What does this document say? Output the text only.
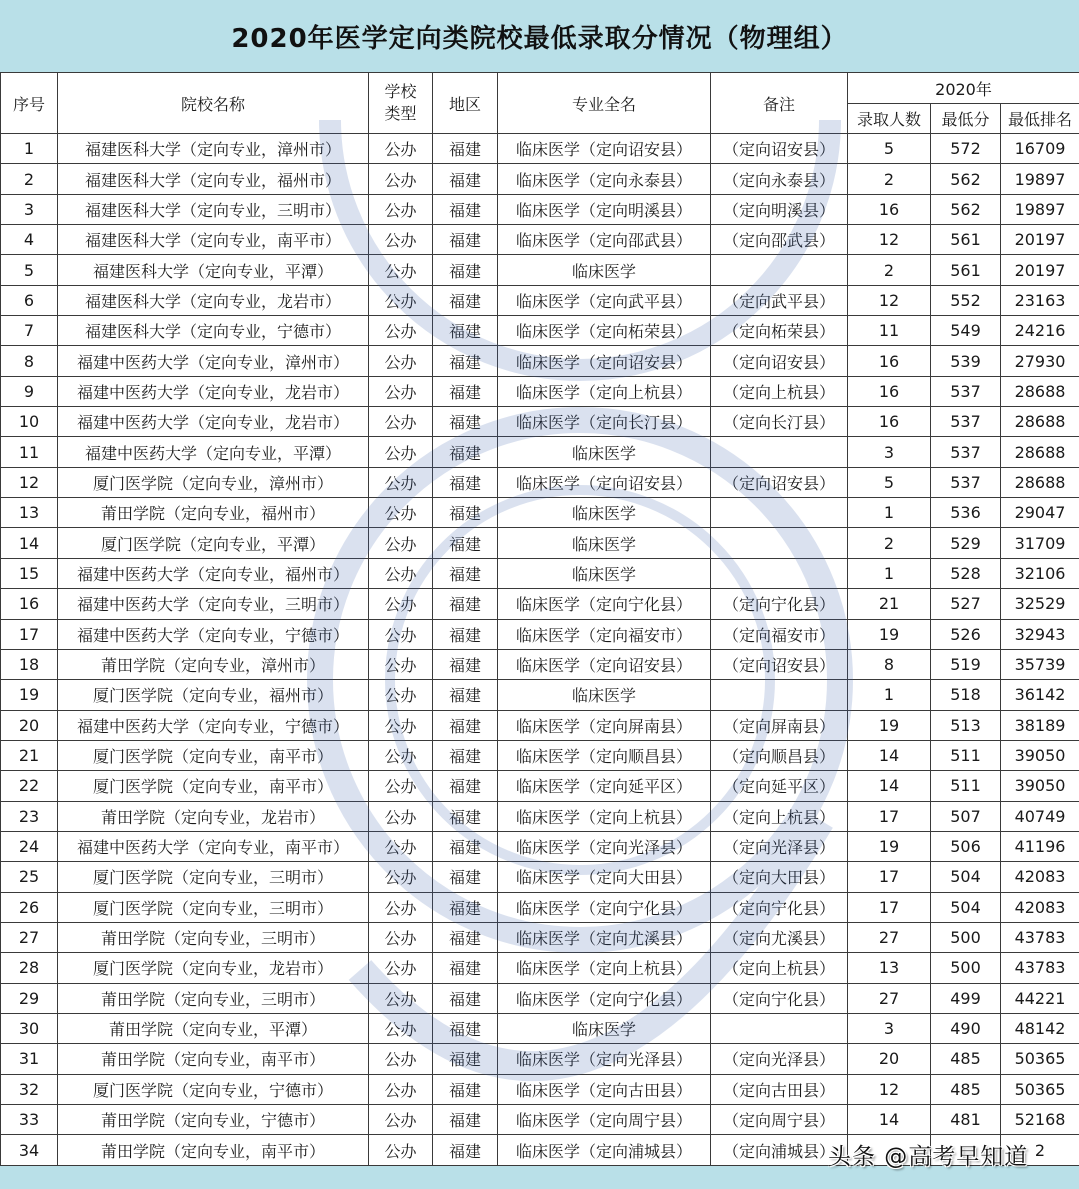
2020年医学定向类院校最低录取分情况（物理组）
序号	院校名称	学校
类型	地区	专业全名	备注	2020年		
						录取人数	最低分	最低排名
1	福建医科大学（定向专业，漳州市）	公办	福建	临床医学（定向诏安县）	（定向诏安县）	5	572	16709
2	福建医科大学（定向专业，福州市）	公办	福建	临床医学（定向永泰县）	（定向永泰县）	2	562	19897
3	福建医科大学（定向专业，三明市）	公办	福建	临床医学（定向明溪县）	（定向明溪县）	16	562	19897
4	福建医科大学（定向专业，南平市）	公办	福建	临床医学（定向邵武县）	（定向邵武县）	12	561	20197
5	福建医科大学（定向专业，平潭）	公办	福建	临床医学		2	561	20197
6	福建医科大学（定向专业，龙岩市）	公办	福建	临床医学（定向武平县）	（定向武平县）	12	552	23163
7	福建医科大学（定向专业，宁德市）	公办	福建	临床医学（定向柘荣县）	（定向柘荣县）	11	549	24216
8	福建中医药大学（定向专业，漳州市）	公办	福建	临床医学（定向诏安县）	（定向诏安县）	16	539	27930
9	福建中医药大学（定向专业，龙岩市）	公办	福建	临床医学（定向上杭县）	（定向上杭县）	16	537	28688
10	福建中医药大学（定向专业，龙岩市）	公办	福建	临床医学（定向长汀县）	（定向长汀县）	16	537	28688
11	福建中医药大学（定向专业，平潭）	公办	福建	临床医学		3	537	28688
12	厦门医学院（定向专业，漳州市）	公办	福建	临床医学（定向诏安县）	（定向诏安县）	5	537	28688
13	莆田学院（定向专业，福州市）	公办	福建	临床医学		1	536	29047
14	厦门医学院（定向专业，平潭）	公办	福建	临床医学		2	529	31709
15	福建中医药大学（定向专业，福州市）	公办	福建	临床医学		1	528	32106
16	福建中医药大学（定向专业，三明市）	公办	福建	临床医学（定向宁化县）	（定向宁化县）	21	527	32529
17	福建中医药大学（定向专业，宁德市）	公办	福建	临床医学（定向福安市）	（定向福安市）	19	526	32943
18	莆田学院（定向专业，漳州市）	公办	福建	临床医学（定向诏安县）	（定向诏安县）	8	519	35739
19	厦门医学院（定向专业，福州市）	公办	福建	临床医学		1	518	36142
20	福建中医药大学（定向专业，宁德市）	公办	福建	临床医学（定向屏南县）	（定向屏南县）	19	513	38189
21	厦门医学院（定向专业，南平市）	公办	福建	临床医学（定向顺昌县）	（定向顺昌县）	14	511	39050
22	厦门医学院（定向专业，南平市）	公办	福建	临床医学（定向延平区）	（定向延平区）	14	511	39050
23	莆田学院（定向专业，龙岩市）	公办	福建	临床医学（定向上杭县）	（定向上杭县）	17	507	40749
24	福建中医药大学（定向专业，南平市）	公办	福建	临床医学（定向光泽县）	（定向光泽县）	19	506	41196
25	厦门医学院（定向专业，三明市）	公办	福建	临床医学（定向大田县）	（定向大田县）	17	504	42083
26	厦门医学院（定向专业，三明市）	公办	福建	临床医学（定向宁化县）	（定向宁化县）	17	504	42083
27	莆田学院（定向专业，三明市）	公办	福建	临床医学（定向尤溪县）	（定向尤溪县）	27	500	43783
28	厦门医学院（定向专业，龙岩市）	公办	福建	临床医学（定向上杭县）	（定向上杭县）	13	500	43783
29	莆田学院（定向专业，三明市）	公办	福建	临床医学（定向宁化县）	（定向宁化县）	27	499	44221
30	莆田学院（定向专业，平潭）	公办	福建	临床医学		3	490	48142
31	莆田学院（定向专业，南平市）	公办	福建	临床医学（定向光泽县）	（定向光泽县）	20	485	50365
32	厦门医学院（定向专业，宁德市）	公办	福建	临床医学（定向古田县）	（定向古田县）	12	485	50365
33	莆田学院（定向专业，宁德市）	公办	福建	临床医学（定向周宁县）	（定向周宁县）	14	481	52168
34	莆田学院（定向专业，南平市）	公办	福建	临床医学（定向浦城县）	（定向浦城县）			2
头条 @高考早知道
